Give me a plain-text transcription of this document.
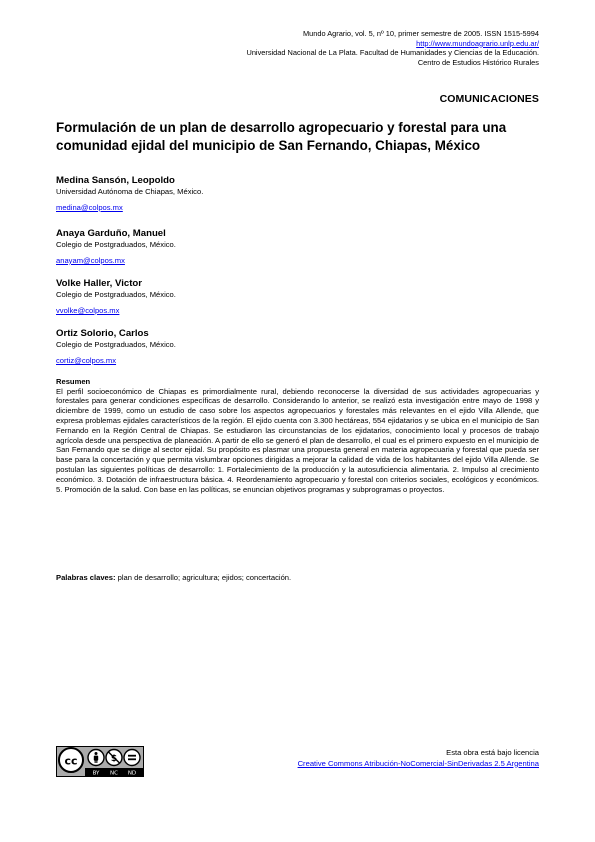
Mundo Agrario, vol. 5, nº 10, primer semestre de 2005. ISSN 1515-5994
http://www.mundoagrario.unlp.edu.ar/
Universidad Nacional de La Plata. Facultad de Humanidades y Ciencias de la Educación.
Centro de Estudios Histórico Rurales
COMUNICACIONES
Formulación de un plan de desarrollo agropecuario y forestal para una comunidad ejidal del municipio de San Fernando, Chiapas, México
Medina Sansón, Leopoldo
Universidad Autónoma de Chiapas, México.
medina@colpos.mx
Anaya Garduño, Manuel
Colegio de Postgraduados, México.
anayam@colpos.mx
Volke Haller, Victor
Colegio de Postgraduados, México.
vvolke@colpos.mx
Ortiz Solorio, Carlos
Colegio de Postgraduados, México.
cortiz@colpos.mx
Resumen

El perfil socioeconómico de Chiapas es primordialmente rural, debiendo reconocerse la diversidad de sus actividades agropecuarias y forestales para generar condiciones específicas de desarrollo. Considerando lo anterior, se realizó esta investigación entre mayo de 1998 y diciembre de 1999, como un estudio de caso sobre los aspectos agropecuarios y forestales más relevantes en el ejido Villa Allende, que expresa problemas ejidales característicos de la región. El ejido cuenta con 3.300 hectáreas, 554 ejidatarios y se ubica en el municipio de San Fernando en la Región Central de Chiapas. Se estudiaron las circunstancias de los ejidatarios, conocimiento local y procesos de trabajo agrícola desde una perspectiva de planeación. A partir de ello se generó el plan de desarrollo, el cual es el primero expuesto en el municipio de San Fernando que se dirige al sector ejidal. Su propósito es plasmar una propuesta general en materia agropecuaria y forestal que pueda ser base para la concertación y que permita vislumbrar opciones dirigidas a mejorar la calidad de vida de los habitantes del ejido Villa Allende. Se postulan las siguientes políticas de desarrollo: 1. Fortalecimiento de la producción y la autosuficiencia alimentaria. 2. Impulso al crecimiento económico. 3. Dotación de infraestructura básica. 4. Reordenamiento agropecuario y forestal con criterios sociales, ecológicos y económicos. 5. Promoción de la salud. Con base en las políticas, se enuncian objetivos programas y subprogramas o proyectos.

Palabras claves: plan de desarrollo; agricultura; ejidos; concertación.
cc	$
BY NC ND
Esta obra está bajo licencia
Creative Commons Atribución-NoComercial-SinDerivadas 2.5 Argentina
